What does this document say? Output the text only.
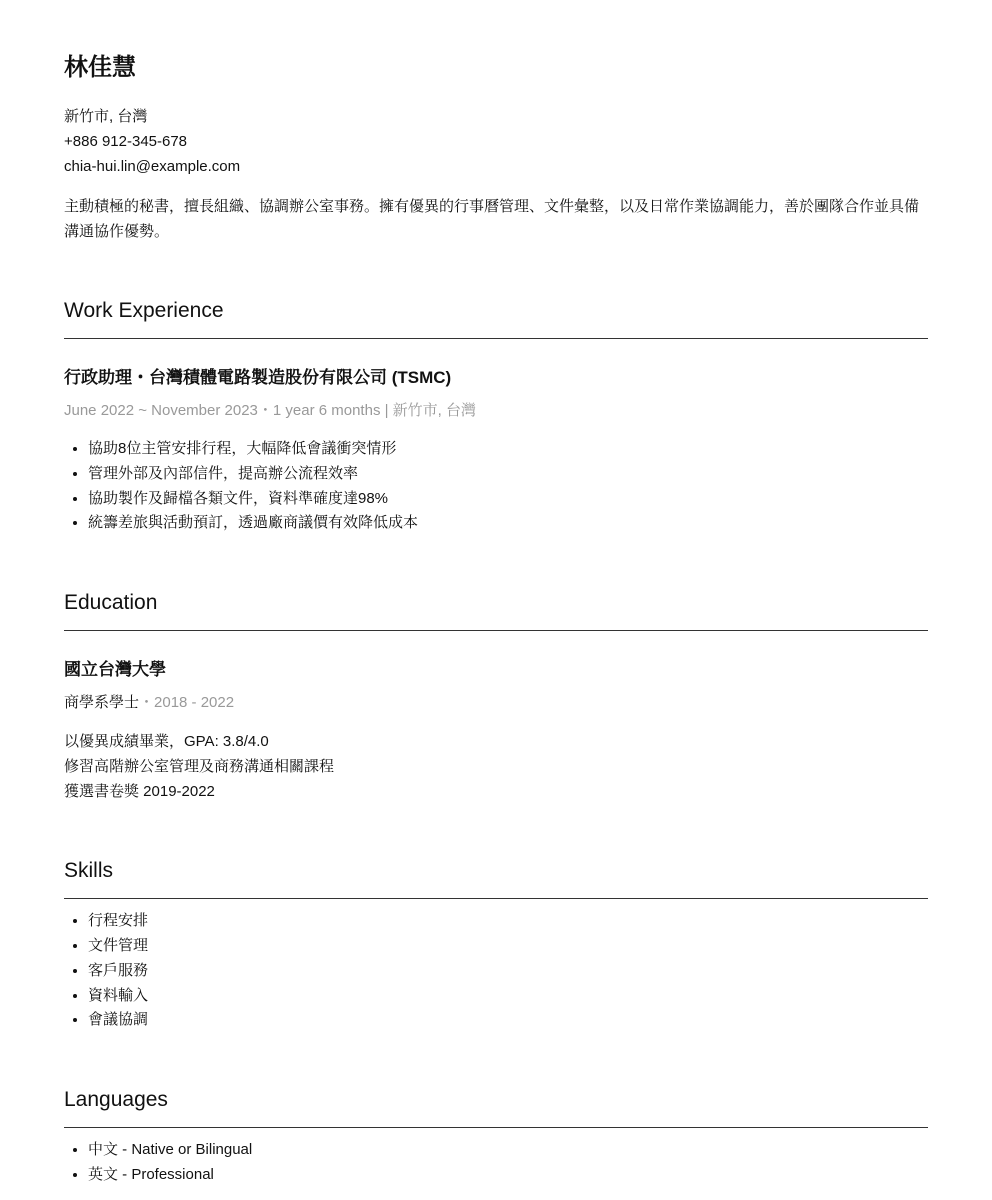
林佳慧
新竹市, 台灣
+886 912-345-678
chia-hui.lin@example.com
主動積極的秘書，擅長組織、協調辦公室事務。擁有優異的行事曆管理、文件彙整，以及日常作業協調能力，善於團隊合作並具備溝通協作優勢。
Work Experience
行政助理・台灣積體電路製造股份有限公司 (TSMC)
June 2022 ~ November 2023・1 year 6 months | 新竹市, 台灣
• 協助8位主管安排行程，大幅降低會議衝突情形
• 管理外部及內部信件，提高辦公流程效率
• 協助製作及歸檔各類文件，資料準確度達98%
• 統籌差旅與活動預訂，透過廠商議價有效降低成本
Education
國立台灣大學
商學系學士・2018 - 2022
以優異成績畢業，GPA: 3.8/4.0
修習高階辦公室管理及商務溝通相關課程
獲選書卷獎 2019-2022
Skills
• 行程安排
• 文件管理
• 客戶服務
• 資料輸入
• 會議協調
Languages
• 中文 - Native or Bilingual
• 英文 - Professional
